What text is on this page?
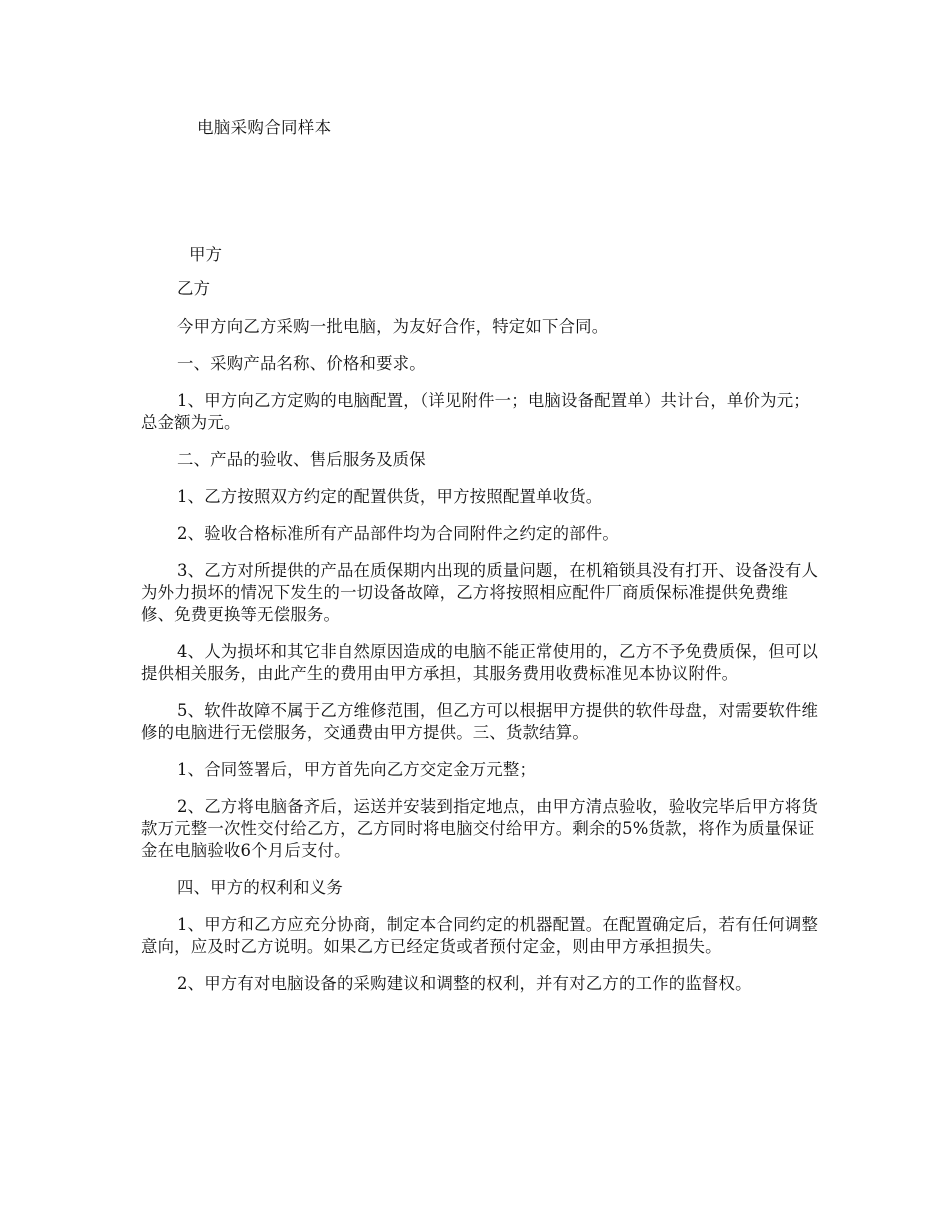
电脑采购合同样本
甲方

乙方

今甲方向乙方采购一批电脑，为友好合作，特定如下合同。

一、采购产品名称、价格和要求。

1、甲方向乙方定购的电脑配置，（详见附件一；电脑设备配置单）共计台，单价为元；总金额为元。

二、产品的验收、售后服务及质保

1、乙方按照双方约定的配置供货，甲方按照配置单收货。

2、验收合格标准所有产品部件均为合同附件之约定的部件。

3、乙方对所提供的产品在质保期内出现的质量问题，在机箱锁具没有打开、设备没有人为外力损坏的情况下发生的一切设备故障，乙方将按照相应配件厂商质保标准提供免费维修、免费更换等无偿服务。

4、人为损坏和其它非自然原因造成的电脑不能正常使用的，乙方不予免费质保，但可以提供相关服务，由此产生的费用由甲方承担，其服务费用收费标准见本协议附件。

5、软件故障不属于乙方维修范围，但乙方可以根据甲方提供的软件母盘，对需要软件维修的电脑进行无偿服务，交通费由甲方提供。三、货款结算。

1、合同签署后，甲方首先向乙方交定金万元整；

2、乙方将电脑备齐后，运送并安装到指定地点，由甲方清点验收，验收完毕后甲方将货款万元整一次性交付给乙方，乙方同时将电脑交付给甲方。剩余的5%货款，将作为质量保证金在电脑验收6个月后支付。

四、甲方的权利和义务

1、甲方和乙方应充分协商，制定本合同约定的机器配置。在配置确定后，若有任何调整意向，应及时乙方说明。如果乙方已经定货或者预付定金，则由甲方承担损失。

2、甲方有对电脑设备的采购建议和调整的权利，并有对乙方的工作的监督权。
